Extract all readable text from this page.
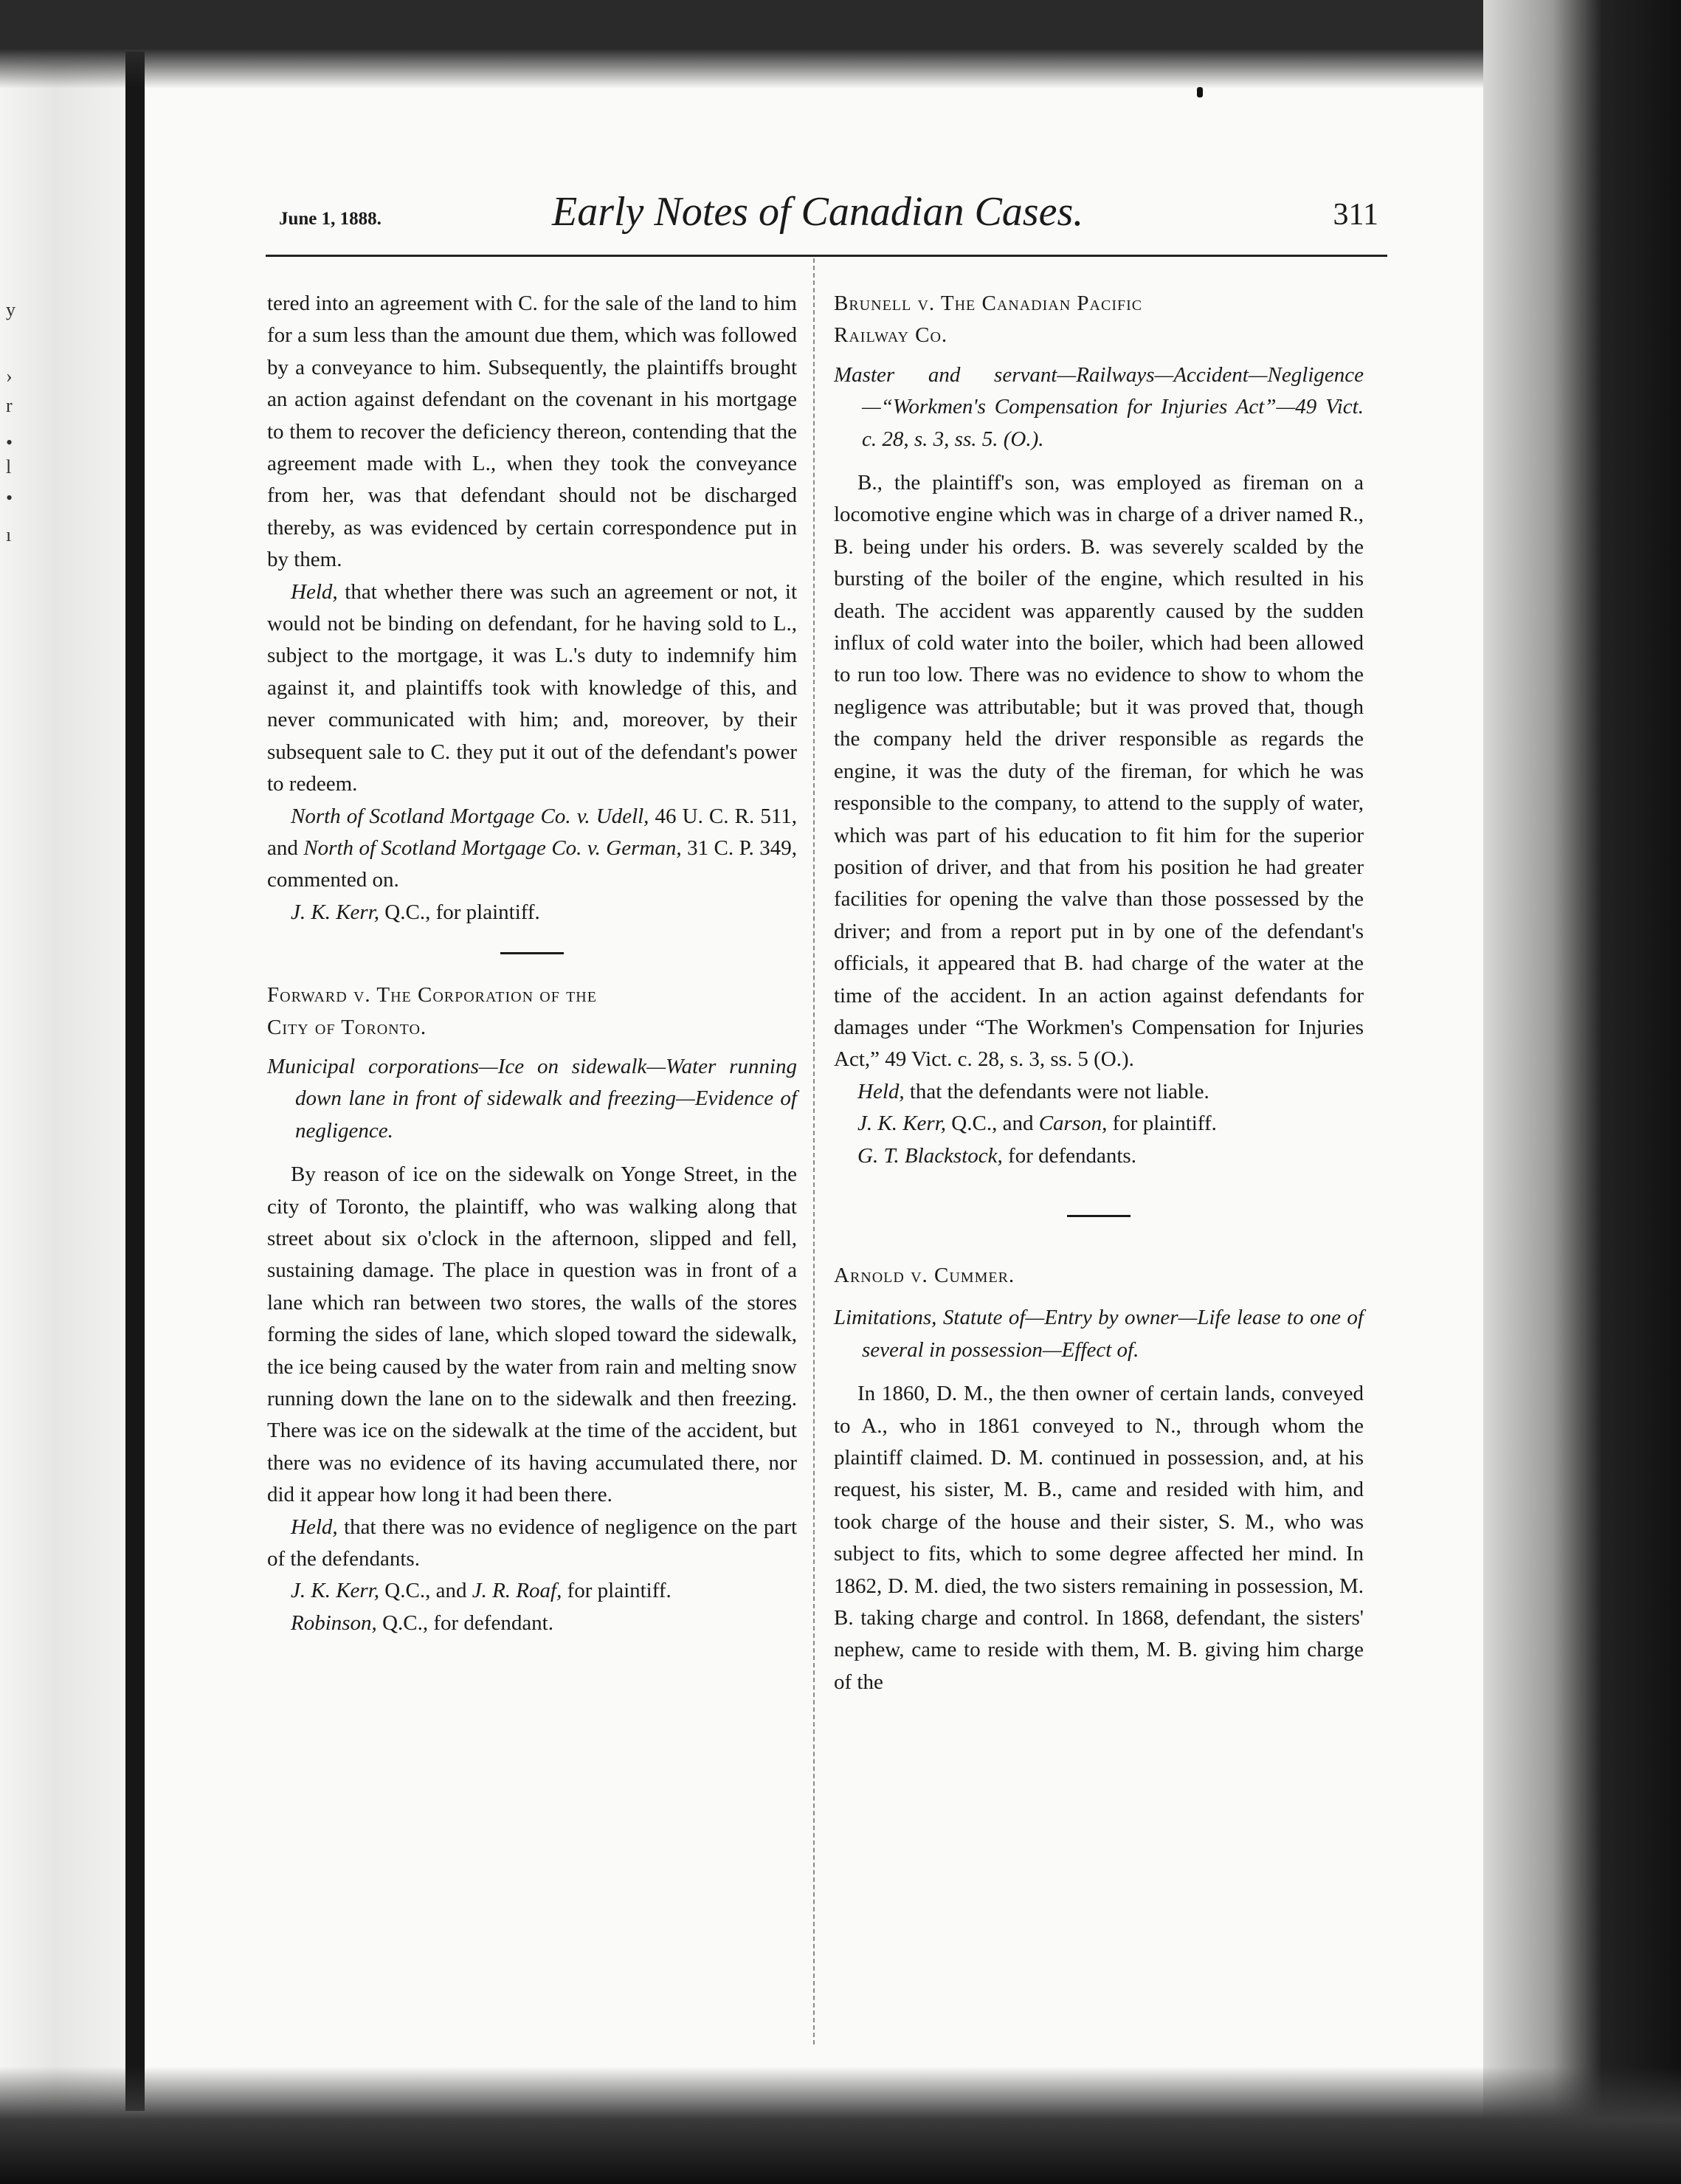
y
›
r
•
l
•
ı
June 1, 1888.	Early Notes of Canadian Cases.	311

tered into an agreement with C. for the sale of the land to him for a sum less than the amount due them, which was followed by a conveyance to him. Subsequently, the plaintiffs brought an action against defendant on the covenant in his mortgage to them to recover the deficiency thereon, contending that the agreement made with L., when they took the conveyance from her, was that defendant should not be discharged thereby, as was evidenced by certain correspondence put in by them.

Held, that whether there was such an agreement or not, it would not be binding on defendant, for he having sold to L., subject to the mortgage, it was L.'s duty to indemnify him against it, and plaintiffs took with knowledge of this, and never communicated with him; and, moreover, by their subsequent sale to C. they put it out of the defendant's power to redeem.

North of Scotland Mortgage Co. v. Udell, 46 U. C. R. 511, and North of Scotland Mortgage Co. v. German, 31 C. P. 349, commented on.

J. K. Kerr, Q.C., for plaintiff.

Forward v. The Corporation of the

City of Toronto.

Municipal corporations—Ice on sidewalk—Water running down lane in front of sidewalk and freezing—Evidence of negligence.

By reason of ice on the sidewalk on Yonge Street, in the city of Toronto, the plaintiff, who was walking along that street about six o'clock in the afternoon, slipped and fell, sustaining damage. The place in question was in front of a lane which ran between two stores, the walls of the stores forming the sides of lane, which sloped toward the sidewalk, the ice being caused by the water from rain and melting snow running down the lane on to the sidewalk and then freezing. There was ice on the sidewalk at the time of the accident, but there was no evidence of its having accumulated there, nor did it appear how long it had been there.

Held, that there was no evidence of negligence on the part of the defendants.

J. K. Kerr, Q.C., and J. R. Roaf, for plaintiff.

Robinson, Q.C., for defendant.

Brunell v. The Canadian Pacific

Railway Co.

Master and servant—Railways—Accident—Negligence—“Workmen's Compensation for Injuries Act”—49 Vict. c. 28, s. 3, ss. 5. (O.).

B., the plaintiff's son, was employed as fireman on a locomotive engine which was in charge of a driver named R., B. being under his orders. B. was severely scalded by the bursting of the boiler of the engine, which resulted in his death. The accident was apparently caused by the sudden influx of cold water into the boiler, which had been allowed to run too low. There was no evidence to show to whom the negligence was attributable; but it was proved that, though the company held the driver responsible as regards the engine, it was the duty of the fireman, for which he was responsible to the company, to attend to the supply of water, which was part of his education to fit him for the superior position of driver, and that from his position he had greater facilities for opening the valve than those possessed by the driver; and from a report put in by one of the defendant's officials, it appeared that B. had charge of the water at the time of the accident. In an action against defendants for damages under “The Workmen's Compensation for Injuries Act,” 49 Vict. c. 28, s. 3, ss. 5 (O.).

Held, that the defendants were not liable.

J. K. Kerr, Q.C., and Carson, for plaintiff.

G. T. Blackstock, for defendants.

Arnold v. Cummer.

Limitations, Statute of—Entry by owner—Life lease to one of several in possession—Effect of.

In 1860, D. M., the then owner of certain lands, conveyed to A., who in 1861 conveyed to N., through whom the plaintiff claimed. D. M. continued in possession, and, at his request, his sister, M. B., came and resided with him, and took charge of the house and their sister, S. M., who was subject to fits, which to some degree affected her mind. In 1862, D. M. died, the two sisters remaining in possession, M. B. taking charge and control. In 1868, defendant, the sisters' nephew, came to reside with them, M. B. giving him charge of the
